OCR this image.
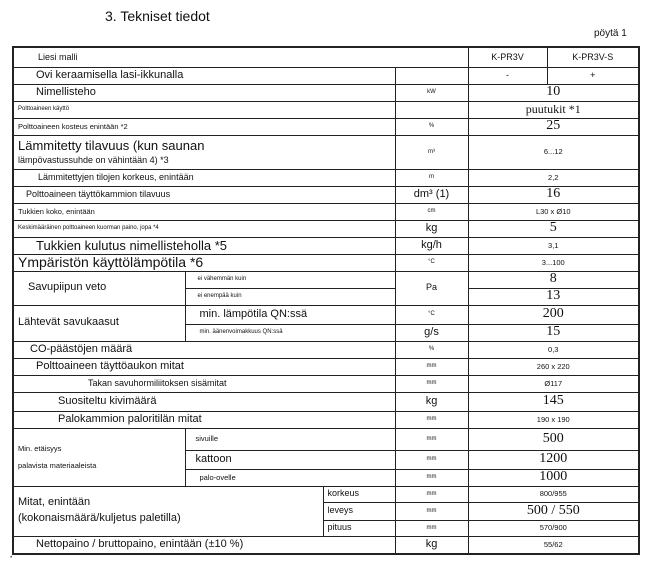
3. Tekniset tiedot
pöytä 1
Liesi malli				K-PR3V	K-PR3V-S
Ovi keraamisella lasi-ikkunalla				-	+
Nimellisteho			kW	10	
Polttoaineen käyttö				puutukit *1	
Polttoaineen kosteus enintään *2			%	25	

Lämmitetty tilavuus (kun saunan
lämpövastussuhde on vähintään 4) *3			m³	6...12	
Lämmitettyjen tilojen korkeus, enintään			m	2,2	
Polttoaineen täyttökammion tilavuus			dm³ (1)	16	
Tukkien koko, enintään			cm	L30 x Ø10	
Keskimääräinen polttoaineen kuorman paino, jopa *4			kg	5	
Tukkien kulutus nimellisteholla *5			kg/h	3,1	
Ympäristön käyttölämpötila *6			°C	3...100	
Savupiipun veto	ei vähemmän kuin		Pa	8	
	ei enempää kuin			13	
Lähtevät savukaasut	min. lämpötila QN:ssä		°C	200	
	min. äänenvoimakkuus QN:ssä		g/s	15	
CO-päästöjen määrä			%	0,3	
Polttoaineen täyttöaukon mitat			mm	260 x 220	
Takan savuhormiliitoksen sisämitat			mm	Ø117	
Suositeltu kivimäärä			kg	145	
Palokammion paloritilän mitat			mm	190 x 190	

Min. etäisyys
palavista materiaaleista	sivuille		mm	500	
	kattoon		mm	1200	
	palo-ovelle		mm	1000	

Mitat, enintään
(kokonaismäärä/kuljetus paletilla)		korkeus	mm	800/955	
		leveys	mm	500 / 550	
		pituus	mm	570/900	
Nettopaino / bruttopaino, enintään (±10 %)			kg	55/62	
*
